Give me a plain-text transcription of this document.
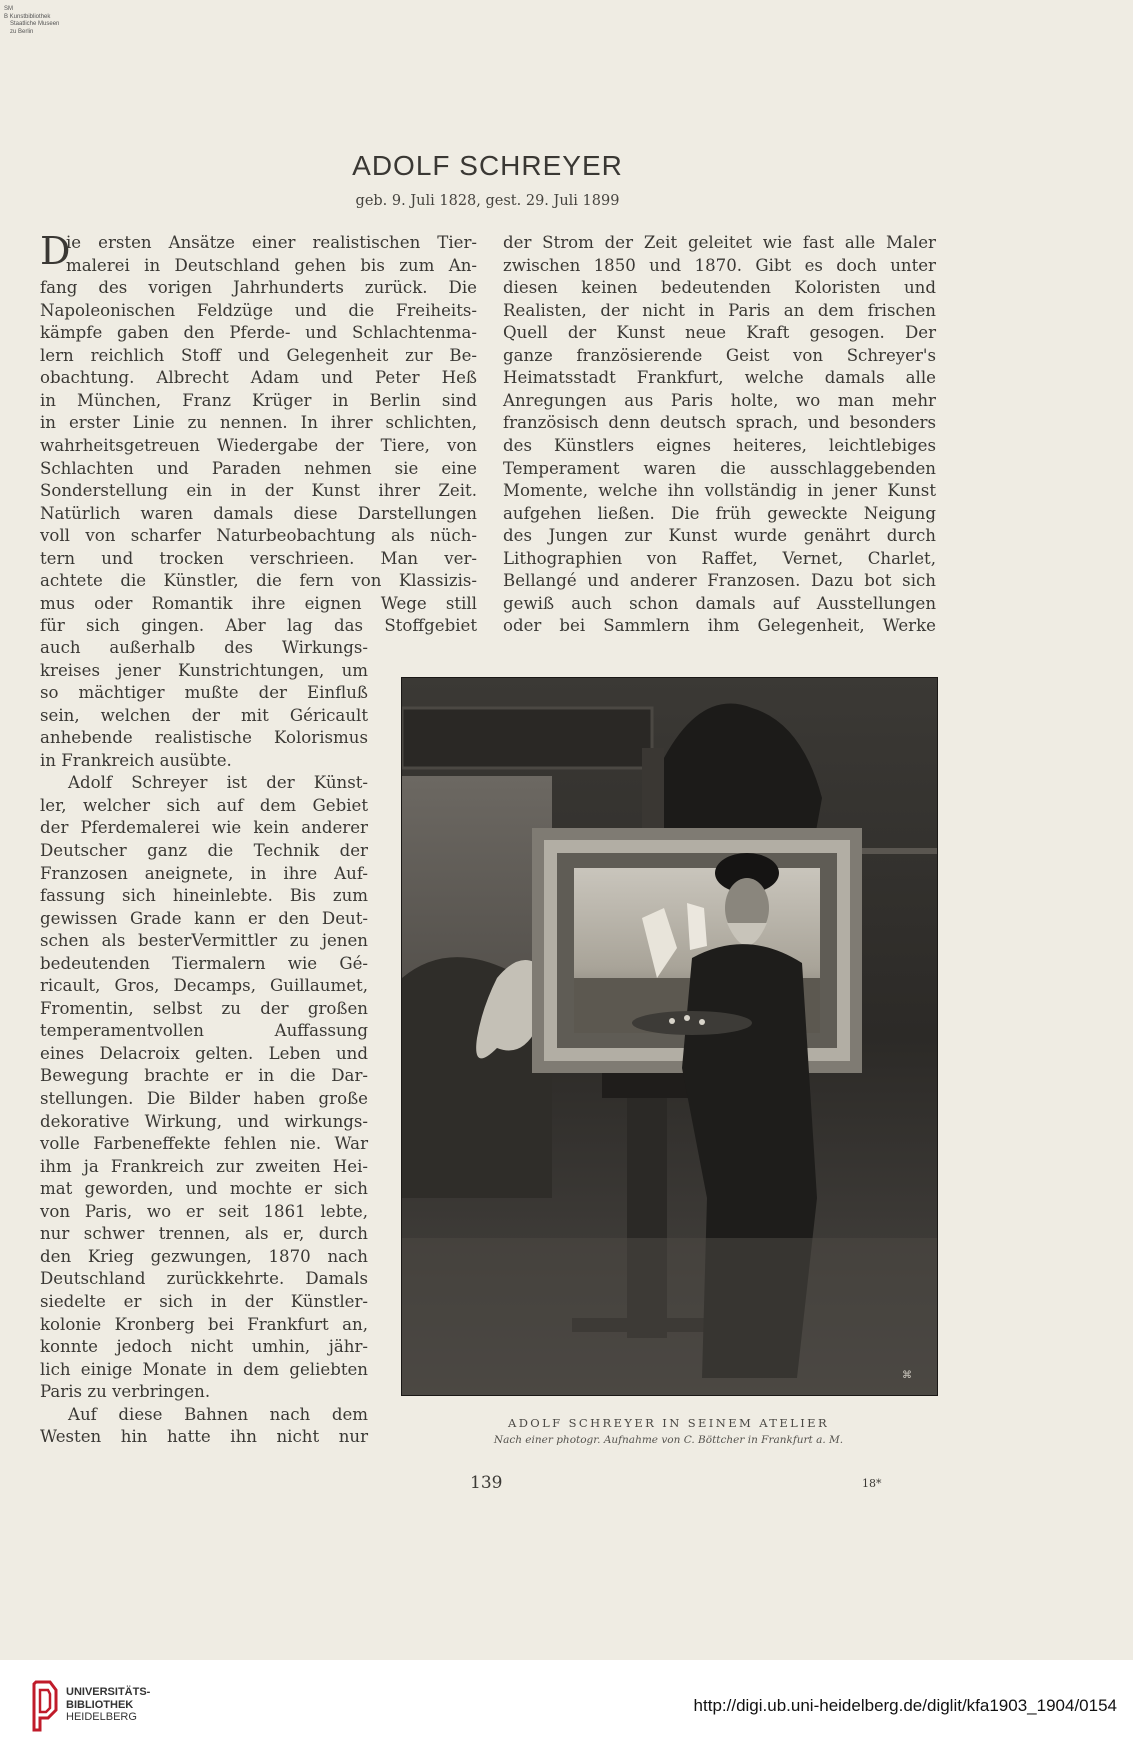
SM
B Kunstbibliothek
Staatliche Museen
zu Berlin
ADOLF SCHREYER
geb. 9. Juli 1828, gest. 29. Juli 1899
D
ie ersten Ansätze einer realistischen Tier-
malerei in Deutschland gehen bis zum An-
fang des vorigen Jahrhunderts zurück. Die
Napoleonischen Feldzüge und die Freiheits-
kämpfe gaben den Pferde- und Schlachtenma-
lern reichlich Stoff und Gelegenheit zur Be-
obachtung. Albrecht Adam und Peter Heß
in München, Franz Krüger in Berlin sind
in erster Linie zu nennen. In ihrer schlichten,
wahrheitsgetreuen Wiedergabe der Tiere, von
Schlachten und Paraden nehmen sie eine
Sonderstellung ein in der Kunst ihrer Zeit.
Natürlich waren damals diese Darstellungen
voll von scharfer Naturbeobachtung als nüch-
tern und trocken verschrieen. Man ver-
achtete die Künstler, die fern von Klassizis-
mus oder Romantik ihre eignen Wege still
für sich gingen. Aber lag das Stoffgebiet
auch außerhalb des Wirkungs-
kreises jener Kunstrichtungen, um
so mächtiger mußte der Einfluß
sein, welchen der mit Géricault
anhebende realistische Kolorismus
in Frankreich ausübte.
Adolf Schreyer ist der Künst-
ler, welcher sich auf dem Gebiet
der Pferdemalerei wie kein anderer
Deutscher ganz die Technik der
Franzosen aneignete, in ihre Auf-
fassung sich hineinlebte. Bis zum
gewissen Grade kann er den Deut-
schen als besterVermittler zu jenen
bedeutenden Tiermalern wie Gé-
ricault, Gros, Decamps, Guillaumet,
Fromentin, selbst zu der großen
temperamentvollen Auffassung
eines Delacroix gelten. Leben und
Bewegung brachte er in die Dar-
stellungen. Die Bilder haben große
dekorative Wirkung, und wirkungs-
volle Farbeneffekte fehlen nie. War
ihm ja Frankreich zur zweiten Hei-
mat geworden, und mochte er sich
von Paris, wo er seit 1861 lebte,
nur schwer trennen, als er, durch
den Krieg gezwungen, 1870 nach
Deutschland zurückkehrte. Damals
siedelte er sich in der Künstler-
kolonie Kronberg bei Frankfurt an,
konnte jedoch nicht umhin, jähr-
lich einige Monate in dem geliebten
Paris zu verbringen.
Auf diese Bahnen nach dem
Westen hin hatte ihn nicht nur
der Strom der Zeit geleitet wie fast alle Maler
zwischen 1850 und 1870. Gibt es doch unter
diesen keinen bedeutenden Koloristen und
Realisten, der nicht in Paris an dem frischen
Quell der Kunst neue Kraft gesogen. Der
ganze französierende Geist von Schreyer's
Heimatsstadt Frankfurt, welche damals alle
Anregungen aus Paris holte, wo man mehr
französisch denn deutsch sprach, und besonders
des Künstlers eignes heiteres, leichtlebiges
Temperament waren die ausschlaggebenden
Momente, welche ihn vollständig in jener Kunst
aufgehen ließen. Die früh geweckte Neigung
des Jungen zur Kunst wurde genährt durch
Lithographien von Raffet, Vernet, Charlet,
Bellangé und anderer Franzosen. Dazu bot sich
gewiß auch schon damals auf Ausstellungen
oder bei Sammlern ihm Gelegenheit, Werke
⌘
ADOLF SCHREYER IN SEINEM ATELIER
Nach einer photogr. Aufnahme von C. Böttcher in Frankfurt a. M.
139	18*
UNIVERSITÄTS-
BIBLIOTHEK
HEIDELBERG
http://digi.ub.uni-heidelberg.de/diglit/kfa1903_1904/0154
